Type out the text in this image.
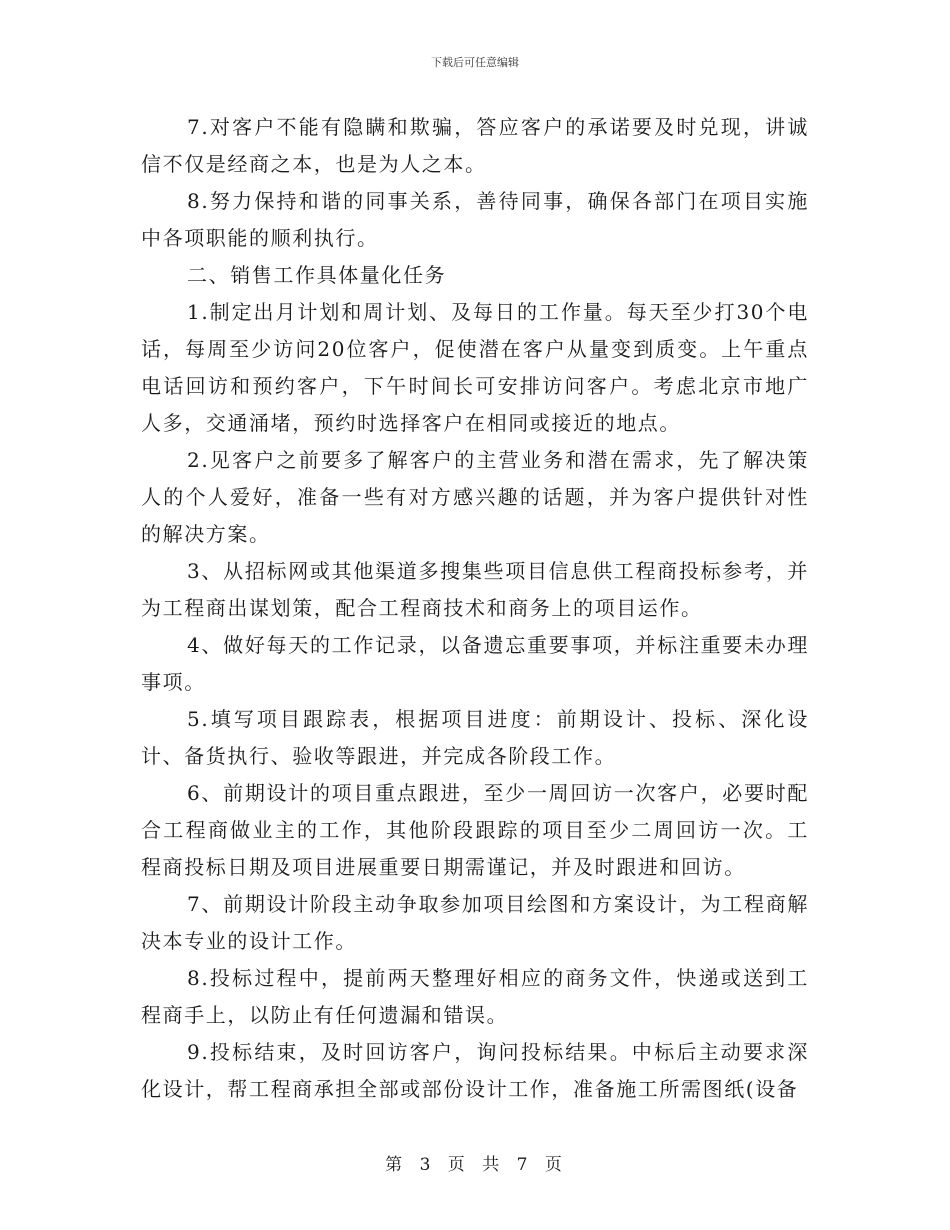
下载后可任意编辑

7.对客户不能有隐瞒和欺骗，答应客户的承诺要及时兑现，讲诚信不仅是经商之本，也是为人之本。

8.努力保持和谐的同事关系，善待同事，确保各部门在项目实施中各项职能的顺利执行。

二、销售工作具体量化任务

1.制定出月计划和周计划、及每日的工作量。每天至少打30个电话，每周至少访问20位客户，促使潜在客户从量变到质变。上午重点电话回访和预约客户，下午时间长可安排访问客户。考虑北京市地广人多，交通涌堵，预约时选择客户在相同或接近的地点。

2.见客户之前要多了解客户的主营业务和潜在需求，先了解决策人的个人爱好，准备一些有对方感兴趣的话题，并为客户提供针对性的解决方案。

3、从招标网或其他渠道多搜集些项目信息供工程商投标参考，并为工程商出谋划策，配合工程商技术和商务上的项目运作。

4、做好每天的工作记录，以备遗忘重要事项，并标注重要未办理事项。

5.填写项目跟踪表，根据项目进度：前期设计、投标、深化设计、备货执行、验收等跟进，并完成各阶段工作。

6、前期设计的项目重点跟进，至少一周回访一次客户，必要时配合工程商做业主的工作，其他阶段跟踪的项目至少二周回访一次。工程商投标日期及项目进展重要日期需谨记，并及时跟进和回访。

7、前期设计阶段主动争取参加项目绘图和方案设计，为工程商解决本专业的设计工作。

8.投标过程中，提前两天整理好相应的商务文件，快递或送到工程商手上，以防止有任何遗漏和错误。

9.投标结束，及时回访客户，询问投标结果。中标后主动要求深化设计，帮工程商承担全部或部份设计工作，准备施工所需图纸(设备

第 3 页 共 7 页
